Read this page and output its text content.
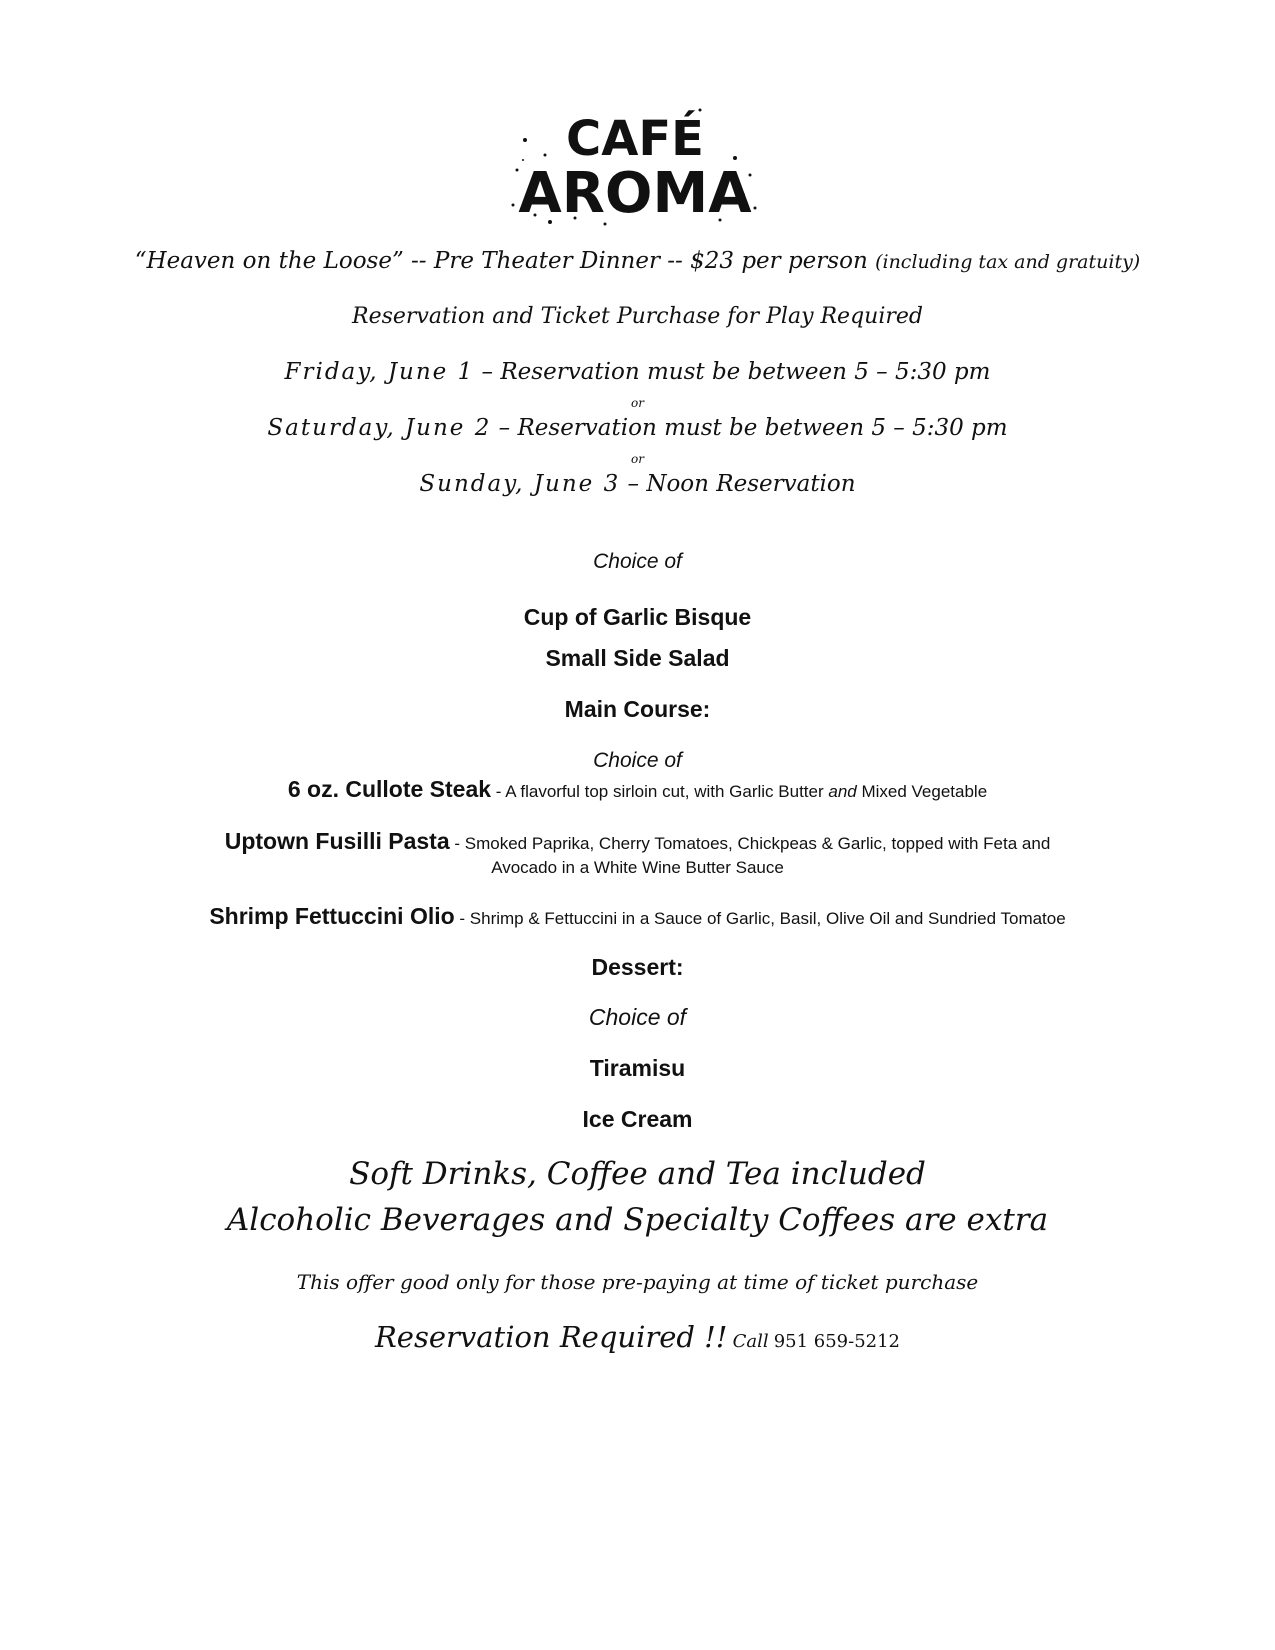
CAFÉ
AROMA
“Heaven on the Loose” -- Pre Theater Dinner -- $23 per person (including tax and gratuity)
Reservation and Ticket Purchase for Play Required
Friday, June 1 – Reservation must be between 5 – 5:30 pm
or
Saturday, June 2 – Reservation must be between 5 – 5:30 pm
or
Sunday, June 3 – Noon Reservation
Choice of
Cup of Garlic Bisque
Small Side Salad
Main Course:
Choice of
6 oz. Cullote Steak - A flavorful top sirloin cut, with Garlic Butter and Mixed Vegetable
Uptown Fusilli Pasta - Smoked Paprika, Cherry Tomatoes, Chickpeas & Garlic, topped with Feta and
Avocado in a White Wine Butter Sauce
Shrimp Fettuccini Olio - Shrimp & Fettuccini in a Sauce of Garlic, Basil, Olive Oil and Sundried Tomatoe
Dessert:
Choice of
Tiramisu
Ice Cream
Soft Drinks, Coffee and Tea included
Alcoholic Beverages and Specialty Coffees are extra
This offer good only for those pre-paying at time of ticket purchase
Reservation Required !! Call 951 659-5212
